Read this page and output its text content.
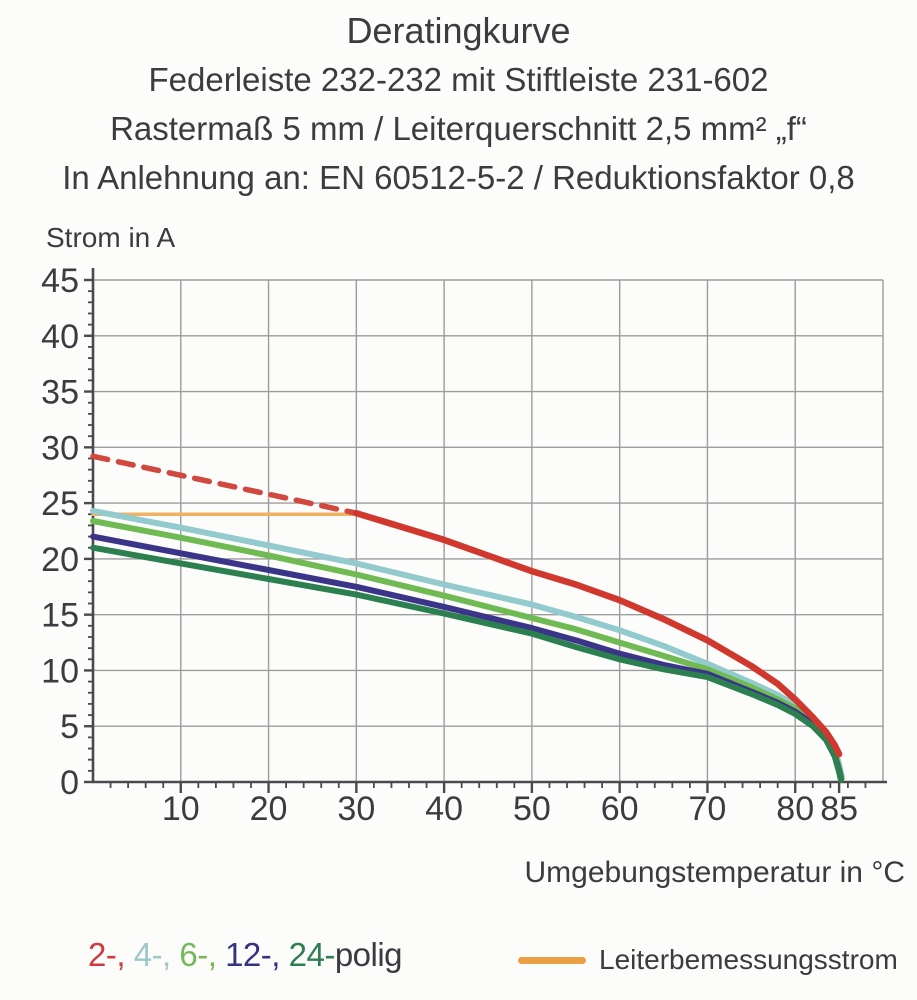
Deratingkurve
Federleiste 232-232 mit Stiftleiste 231-602
Rastermaß 5 mm / Leiterquerschnitt 2,5 mm² „f“
In Anlehnung an: EN 60512-5-2 / Reduktionsfaktor 0,8
Strom in A
10 20 30 40 50 60 70 80 85
0
5
10
15
20
25
30
35
40
45
Umgebungstemperatur in °C
2-, 4-, 6-, 12-, 24-polig	Leiterbemessungsstrom
